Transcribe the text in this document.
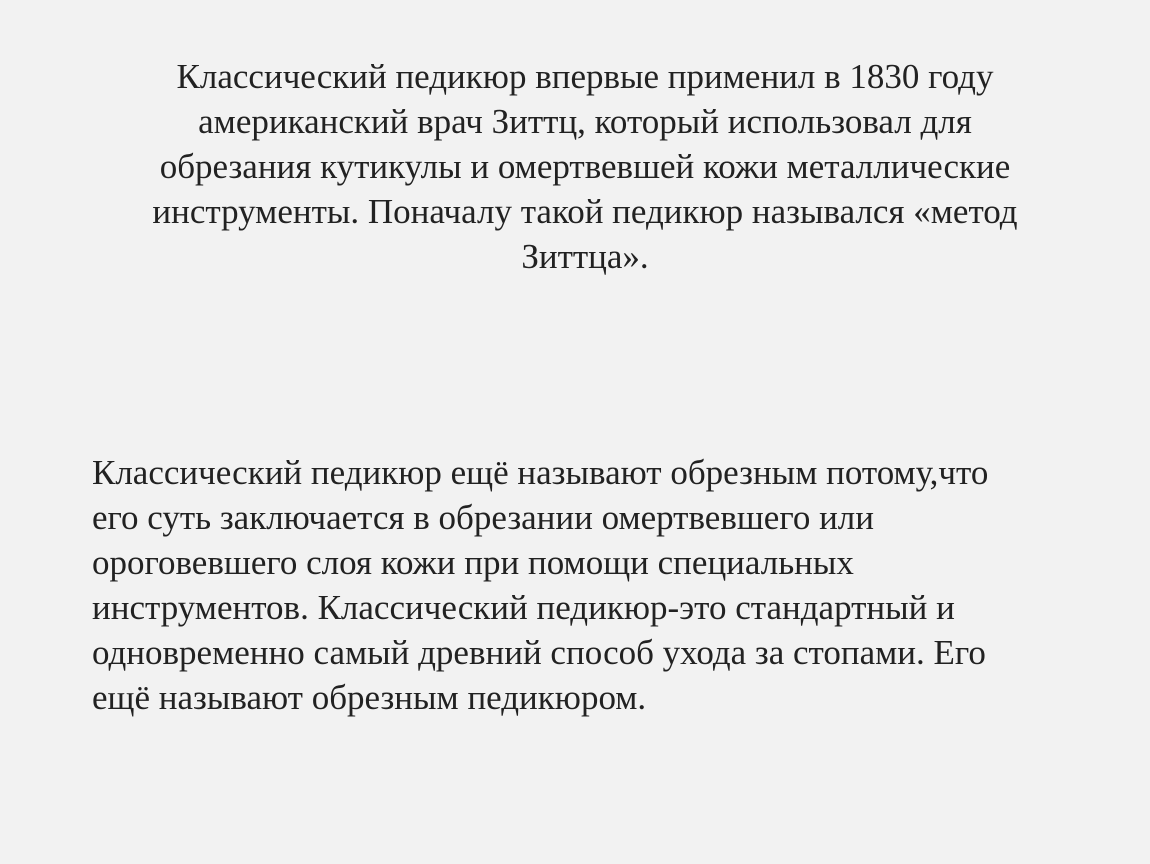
Классический педикюр впервые применил в 1830 году
американский врач Зиттц, который использовал для
обрезания кутикулы и омертвевшей кожи металлические
инструменты. Поначалу такой педикюр назывался «метод
Зиттца».

Классический педикюр ещё называют обрезным потому,что
его суть заключается в обрезании омертвевшего или
ороговевшего слоя кожи при помощи специальных
инструментов. Классический педикюр-это стандартный и
одновременно самый древний способ ухода за стопами. Его
ещё называют обрезным педикюром.
